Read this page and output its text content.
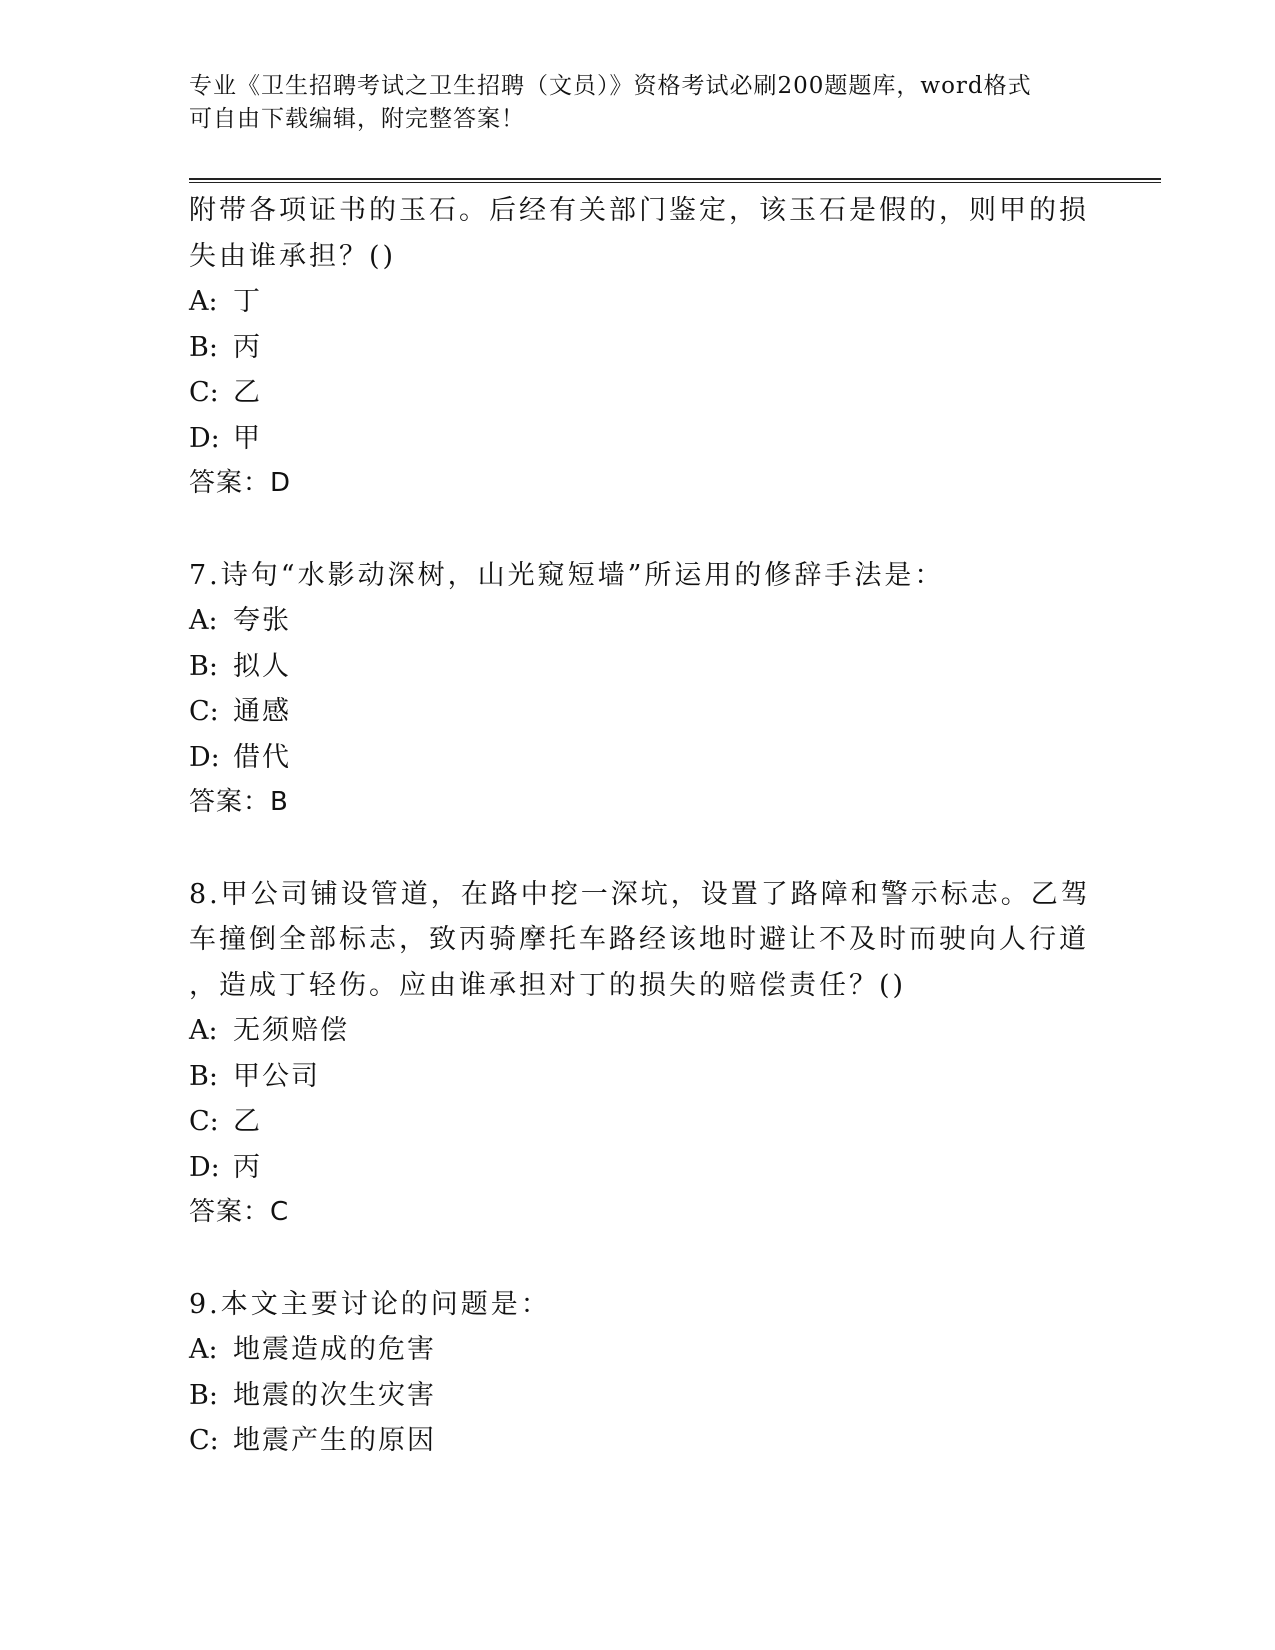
专业《卫生招聘考试之卫生招聘（文员）》资格考试必刷200题题库，word格式
可自由下载编辑，附完整答案！
附带各项证书的玉石。后经有关部门鉴定，该玉石是假的，则甲的损
失由谁承担？()
A: 丁
B: 丙
C: 乙
D: 甲
答案：D
7.诗句“水影动深树，山光窥短墙”所运用的修辞手法是：
A: 夸张
B: 拟人
C: 通感
D: 借代
答案：B
8.甲公司铺设管道，在路中挖一深坑，设置了路障和警示标志。乙驾
车撞倒全部标志，致丙骑摩托车路经该地时避让不及时而驶向人行道
，造成丁轻伤。应由谁承担对丁的损失的赔偿责任？()
A: 无须赔偿
B: 甲公司
C: 乙
D: 丙
答案：C
9.本文主要讨论的问题是：
A: 地震造成的危害
B: 地震的次生灾害
C: 地震产生的原因
